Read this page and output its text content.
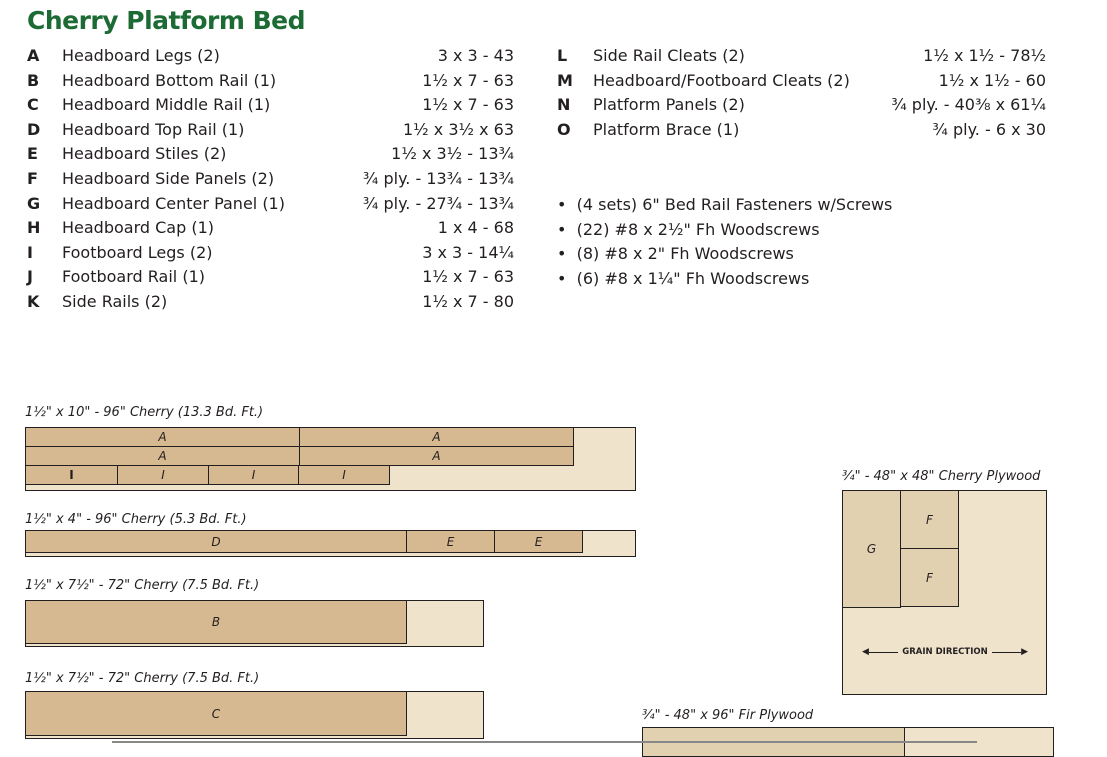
Cherry Platform Bed
A Headboard Legs (2)	3 x 3 - 43
B Headboard Bottom Rail (1)	1½ x 7 - 63
C Headboard Middle Rail (1)	1½ x 7 - 63
D Headboard Top Rail (1)	1½ x 3½ x 63
E Headboard Stiles (2)	1½ x 3½ - 13¾
F Headboard Side Panels (2)	¾ ply. - 13¾ - 13¾
G Headboard Center Panel (1)	¾ ply. - 27¾ - 13¾
H Headboard Cap (1)	1 x 4 - 68
I Footboard Legs (2)	3 x 3 - 14¼
J Footboard Rail (1)	1½ x 7 - 63
K Side Rails (2)	1½ x 7 - 80
L Side Rail Cleats (2)	1½ x 1½ - 78½
M Headboard/Footboard Cleats (2)	1½ x 1½ - 60
N Platform Panels (2)	¾ ply. - 40⅜ x 61¼
O Platform Brace (1)	¾ ply. - 6 x 30
•  (4 sets) 6" Bed Rail Fasteners w/Screws
•  (22) #8 x 2½" Fh Woodscrews
•  (8) #8 x 2" Fh Woodscrews
•  (6) #8 x 1¼" Fh Woodscrews
1½" x 10" - 96" Cherry (13.3 Bd. Ft.)
A	A
A	A
I	I	I	I
1½" x 4" - 96" Cherry (5.3 Bd. Ft.)
D	E	E
1½" x 7½" - 72" Cherry (7.5 Bd. Ft.)
B
1½" x 7½" - 72" Cherry (7.5 Bd. Ft.)
C
¾" - 48" x 48" Cherry Plywood
G
F
F
◀	GRAIN DIRECTION	▶
¾" - 48" x 96" Fir Plywood
